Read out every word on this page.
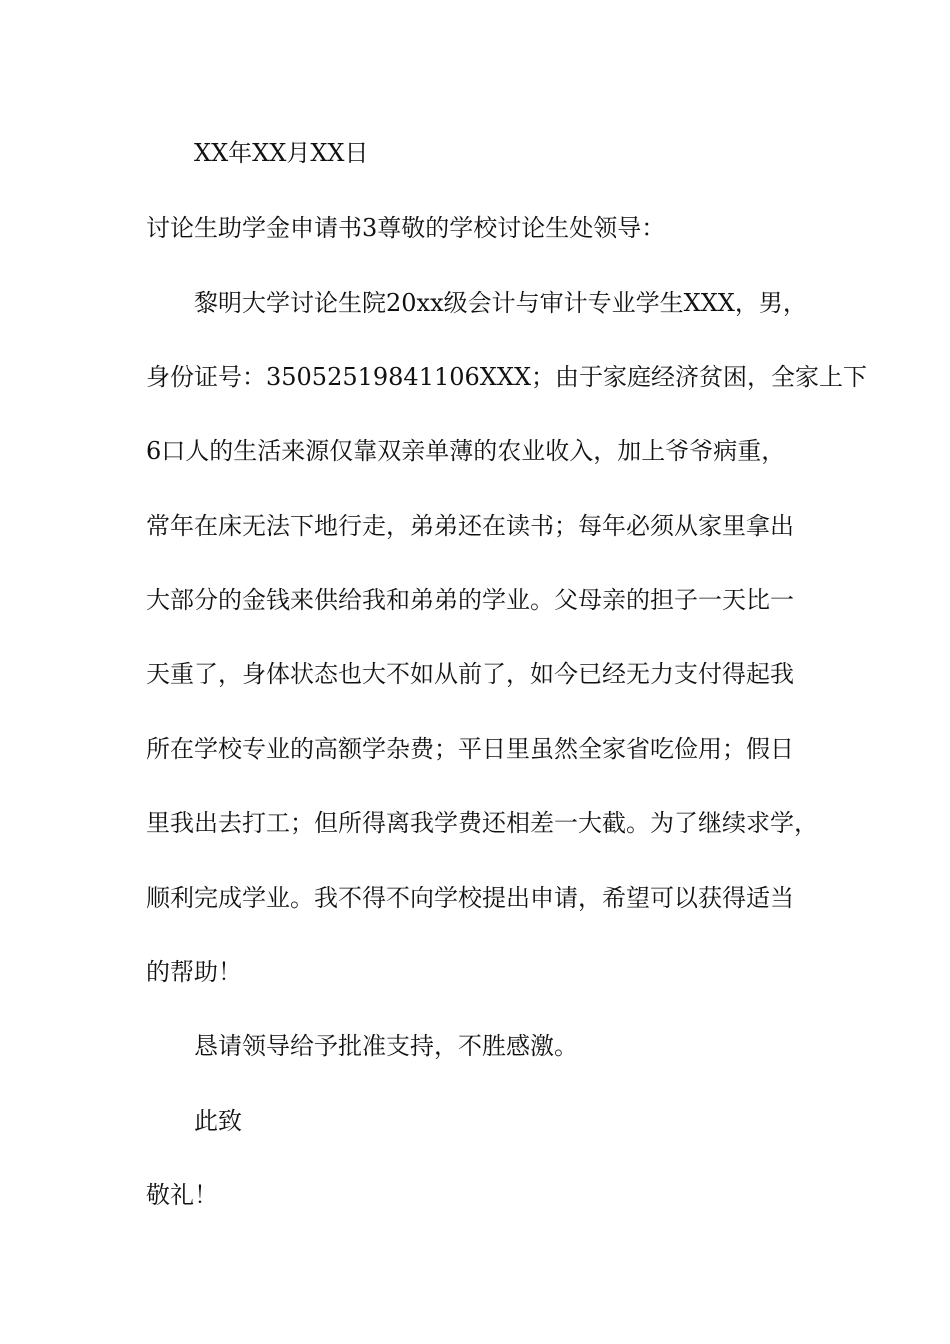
XX年XX月XX日
讨论生助学金申请书3尊敬的学校讨论生处领导：
黎明大学讨论生院20xx级会计与审计专业学生XXX，男，
身份证号：35052519841106XXX；由于家庭经济贫困，全家上下
6口人的生活来源仅靠双亲单薄的农业收入，加上爷爷病重，
常年在床无法下地行走，弟弟还在读书；每年必须从家里拿出
大部分的金钱来供给我和弟弟的学业。父母亲的担子一天比一
天重了，身体状态也大不如从前了，如今已经无力支付得起我
所在学校专业的高额学杂费；平日里虽然全家省吃俭用；假日
里我出去打工；但所得离我学费还相差一大截。为了继续求学，
顺利完成学业。我不得不向学校提出申请，希望可以获得适当
的帮助！
恳请领导给予批准支持，不胜感激。
此致
敬礼！
